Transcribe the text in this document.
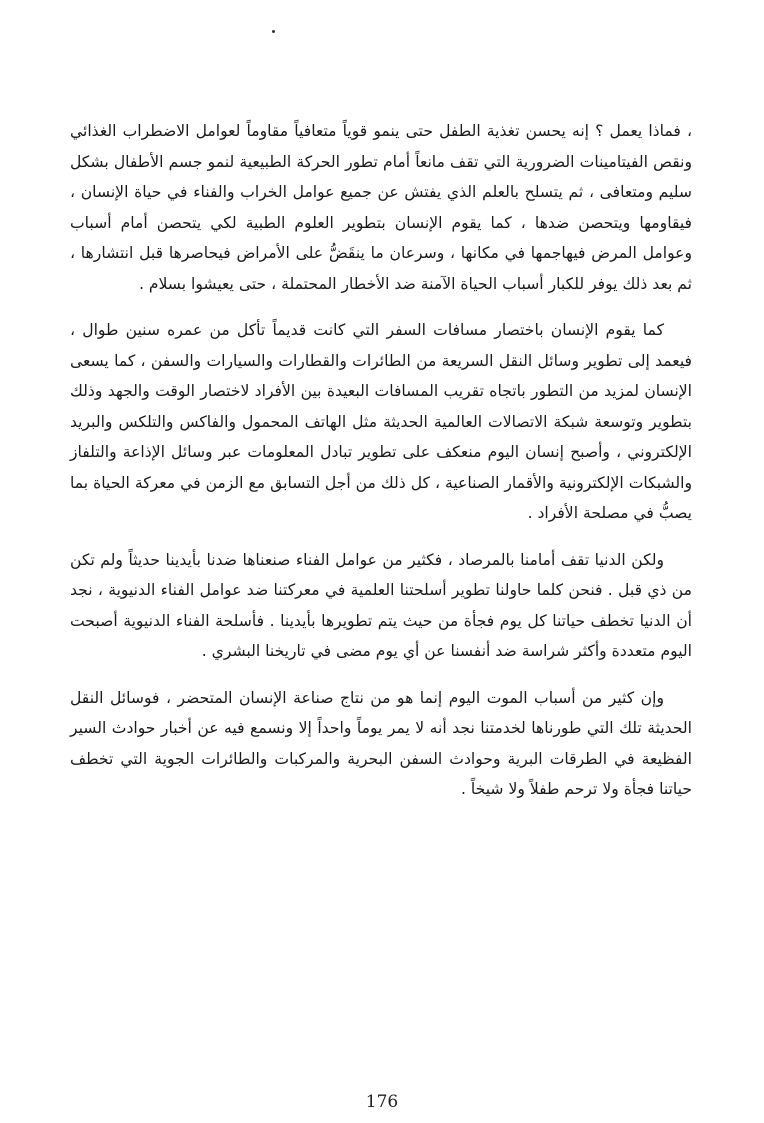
، فماذا يعمل ؟ إنه يحسن تغذية الطفل حتى ينمو قوياً متعافياً مقاوماً لعوامل الاضطراب الغذائي ونقص الفيتامينات الضرورية التي تقف مانعاً أمام تطور الحركة الطبيعية لنمو جسم الأطفال بشكل سليم ومتعافى ، ثم يتسلح بالعلم الذي يفتش عن جميع عوامل الخراب والفناء في حياة الإنسان ، فيقاومها ويتحصن ضدها ، كما يقوم الإنسان بتطوير العلوم الطبية لكي يتحصن أمام أسباب وعوامل المرض فيهاجمها في مكانها ، وسرعان ما ينقَضُّ على الأمراض فيحاصرها قبل انتشارها ، ثم بعد ذلك يوفر للكبار أسباب الحياة الآمنة ضد الأخطار المحتملة ، حتى يعيشوا بسلام .

كما يقوم الإنسان باختصار مسافات السفر التي كانت قديماً تأكل من عمره سنين طوال ، فيعمد إلى تطوير وسائل النقل السريعة من الطائرات والقطارات والسيارات والسفن ، كما يسعى الإنسان لمزيد من التطور باتجاه تقريب المسافات البعيدة بين الأفراد لاختصار الوقت والجهد وذلك بتطوير وتوسعة شبكة الاتصالات العالمية الحديثة مثل الهاتف المحمول والفاكس والتلكس والبريد الإلكتروني ، وأصبح إنسان اليوم منعكف على تطوير تبادل المعلومات عبر وسائل الإذاعة والتلفاز والشبكات الإلكترونية والأقمار الصناعية ، كل ذلك من أجل التسابق مع الزمن في معركة الحياة بما يصبُّ في مصلحة الأفراد .

ولكن الدنيا تقف أمامنا بالمرصاد ، فكثير من عوامل الفناء صنعناها ضدنا بأيدينا حديثاً ولم تكن من ذي قبل . فنحن كلما حاولنا تطوير أسلحتنا العلمية في معركتنا ضد عوامل الفناء الدنيوية ، نجد أن الدنيا تخطف حياتنا كل يوم فجأة من حيث يتم تطويرها بأيدينا . فأسلحة الفناء الدنيوية أصبحت اليوم متعددة وأكثر شراسة ضد أنفسنا عن أي يوم مضى في تاريخنا البشري .

وإن كثير من أسباب الموت اليوم إنما هو من نتاج صناعة الإنسان المتحضر ، فوسائل النقل الحديثة تلك التي طورناها لخدمتنا نجد أنه لا يمر يوماً واحداً إلا ونسمع فيه عن أخبار حوادث السير الفظيعة في الطرقات البرية وحوادث السفن البحرية والمركبات والطائرات الجوية التي تخطف حياتنا فجأة ولا ترحم طفلاً ولا شيخاً .

176
